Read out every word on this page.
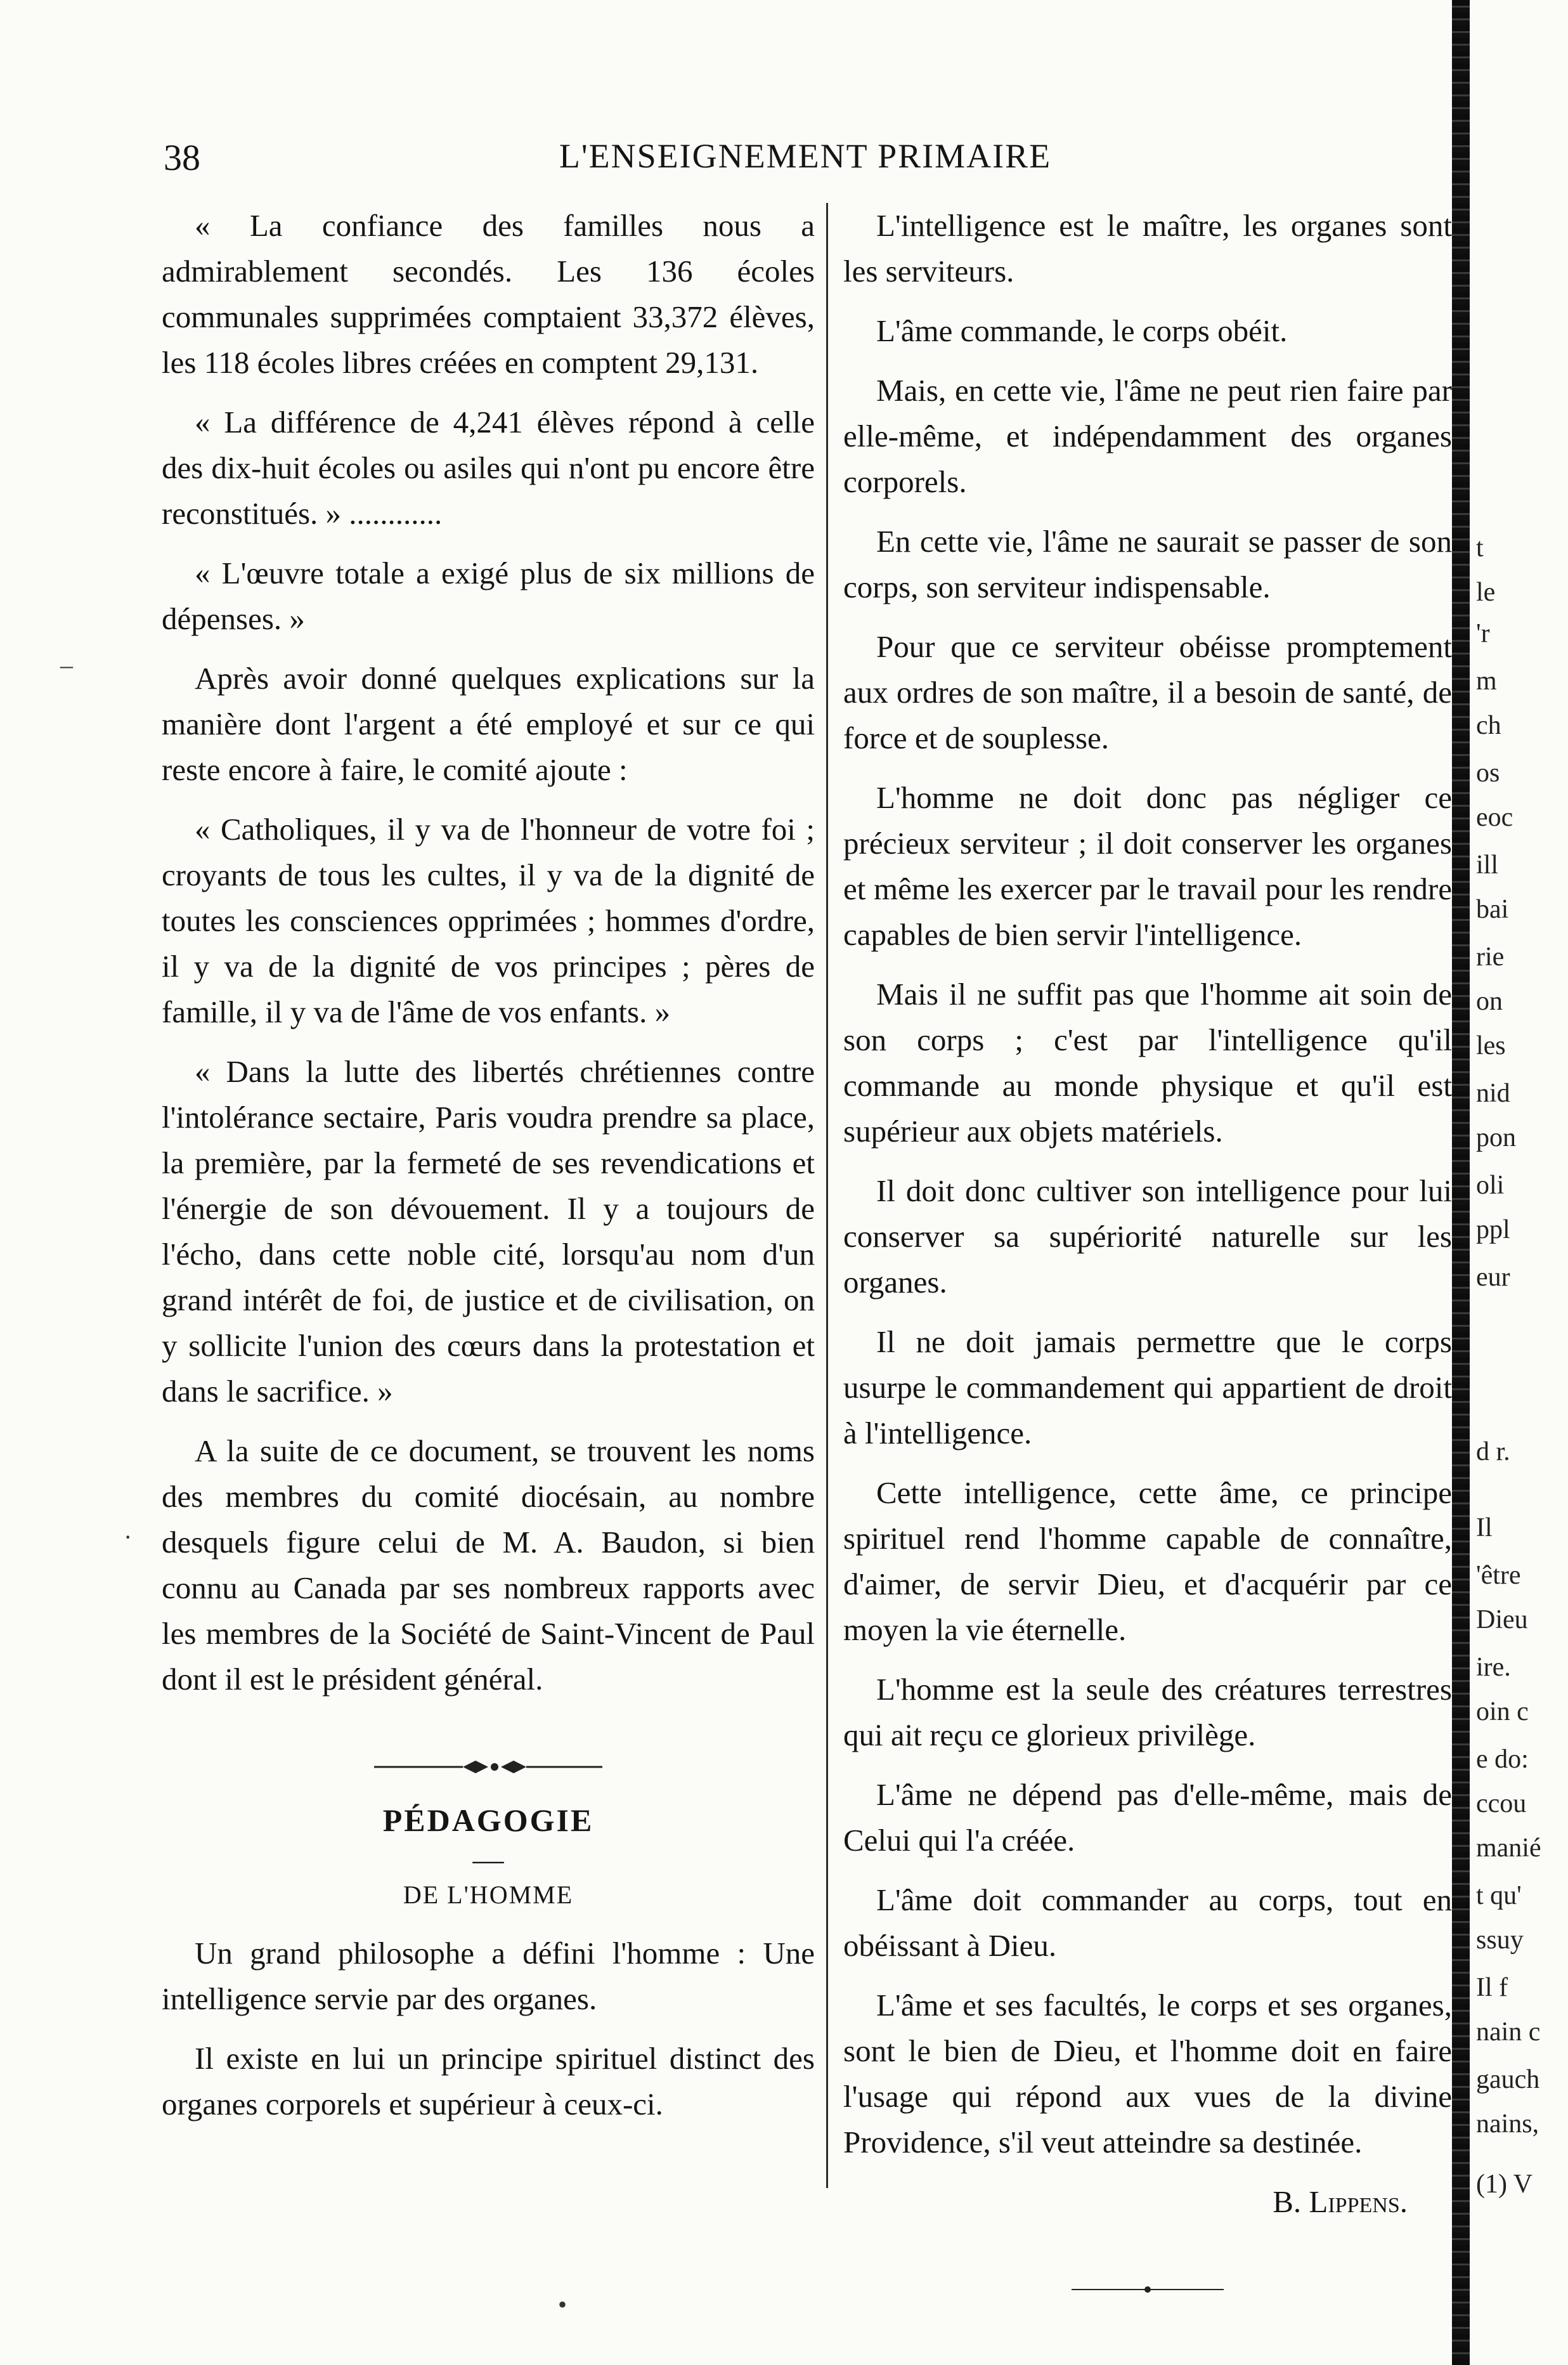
38	L'ENSEIGNEMENT PRIMAIRE

« La confiance des familles nous a admirablement secondés. Les 136 écoles communales supprimées comptaient 33,372 élèves, les 118 écoles libres créées en comptent 29,131.

« La différence de 4,241 élèves répond à celle des dix-huit écoles ou asiles qui n'ont pu encore être reconstitués. » ............

« L'œuvre totale a exigé plus de six millions de dépenses. »

Après avoir donné quelques explications sur la manière dont l'argent a été employé et sur ce qui reste encore à faire, le comité ajoute :

« Catholiques, il y va de l'honneur de votre foi ; croyants de tous les cultes, il y va de la dignité de toutes les consciences opprimées ; hommes d'ordre, il y va de la dignité de vos principes ; pères de famille, il y va de l'âme de vos enfants. »

« Dans la lutte des libertés chrétiennes contre l'intolérance sectaire, Paris voudra prendre sa place, la première, par la fermeté de ses revendications et l'énergie de son dévouement. Il y a toujours de l'écho, dans cette noble cité, lorsqu'au nom d'un grand intérêt de foi, de justice et de civilisation, on y sollicite l'union des cœurs dans la protestation et dans le sacrifice. »

A la suite de ce document, se trouvent les noms des membres du comité diocésain, au nombre desquels figure celui de M. A. Baudon, si bien connu au Canada par ses nombreux rapports avec les membres de la Société de Saint-Vincent de Paul dont il est le président général.

PÉDAGOGIE
—
DE L'HOMME

Un grand philosophe a défini l'homme : Une intelligence servie par des organes.

Il existe en lui un principe spirituel distinct des organes corporels et supérieur à ceux-ci.

L'intelligence est le maître, les organes sont les serviteurs.

L'âme commande, le corps obéit.

Mais, en cette vie, l'âme ne peut rien faire par elle-même, et indépendamment des organes corporels.

En cette vie, l'âme ne saurait se passer de son corps, son serviteur indispensable.

Pour que ce serviteur obéisse promptement aux ordres de son maître, il a besoin de santé, de force et de souplesse.

L'homme ne doit donc pas négliger ce précieux serviteur ; il doit conserver les organes et même les exercer par le travail pour les rendre capables de bien servir l'intelligence.

Mais il ne suffit pas que l'homme ait soin de son corps ; c'est par l'intelligence qu'il commande au monde physique et qu'il est supérieur aux objets matériels.

Il doit donc cultiver son intelligence pour lui conserver sa supériorité naturelle sur les organes.

Il ne doit jamais permettre que le corps usurpe le commandement qui appartient de droit à l'intelligence.

Cette intelligence, cette âme, ce principe spirituel rend l'homme capable de connaître, d'aimer, de servir Dieu, et d'acquérir par ce moyen la vie éternelle.

L'homme est la seule des créatures terrestres qui ait reçu ce glorieux privilège.

L'âme ne dépend pas d'elle-même, mais de Celui qui l'a créée.

L'âme doit commander au corps, tout en obéissant à Dieu.

L'âme et ses facultés, le corps et ses organes, sont le bien de Dieu, et l'homme doit en faire l'usage qui répond aux vues de la divine Providence, s'il veut atteindre sa destinée.

B. Lippens.
t
le
'r
m
ch
os
eoc
ill
bai
rie
on
les
nid
pon
oli
ppl
eur
d r.
Il
'être
Dieu
ire.
oin c
e do:
ccou
manié
t qu'
ssuy
Il f
nain c
gauch
nains,
(1) V
–
·
•
